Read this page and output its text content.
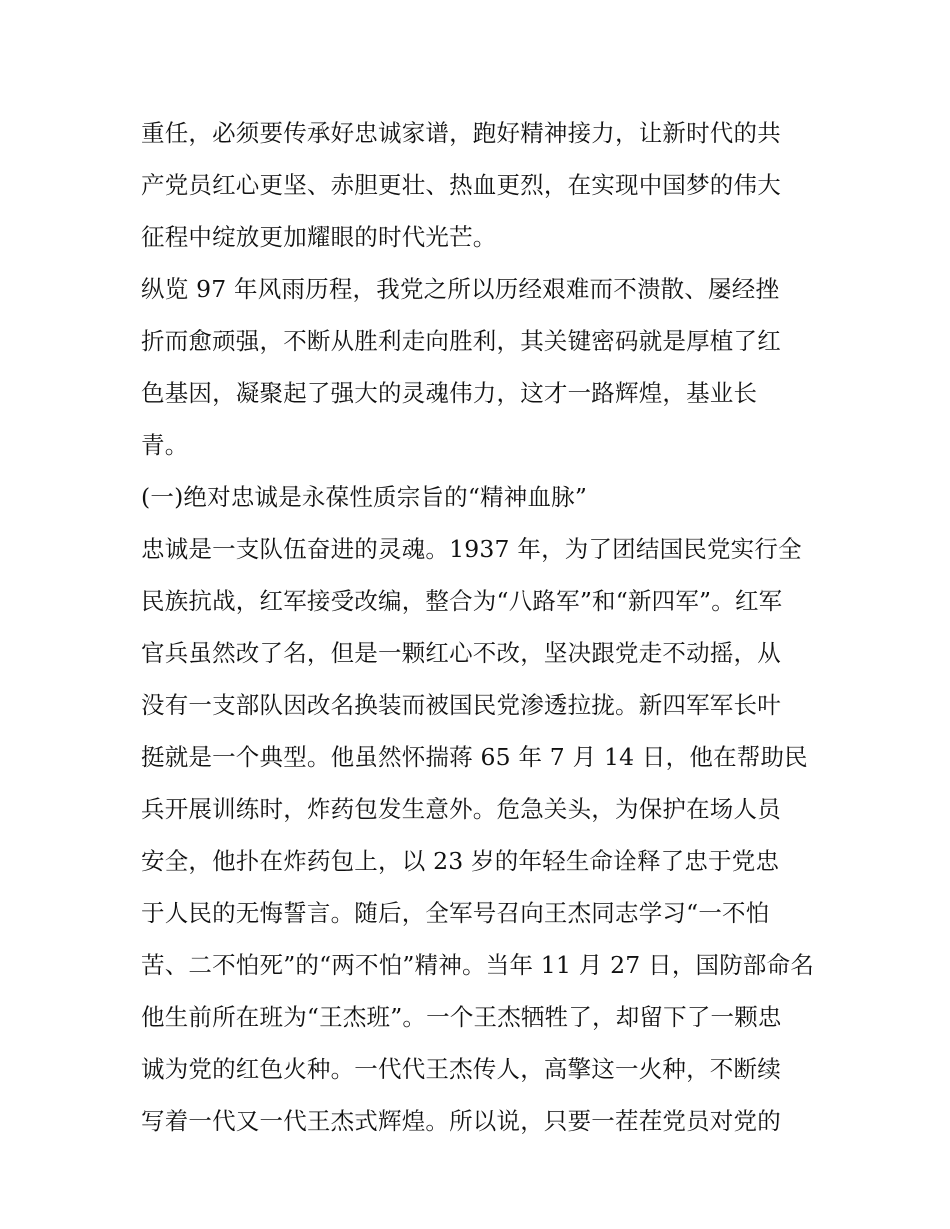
重任，必须要传承好忠诚家谱，跑好精神接力，让新时代的共
产党员红心更坚、赤胆更壮、热血更烈，在实现中国梦的伟大
征程中绽放更加耀眼的时代光芒。
纵览 97 年风雨历程，我党之所以历经艰难而不溃散、屡经挫
折而愈顽强，不断从胜利走向胜利，其关键密码就是厚植了红
色基因，凝聚起了强大的灵魂伟力，这才一路辉煌，基业长
青。
(一)绝对忠诚是永葆性质宗旨的“精神血脉”
忠诚是一支队伍奋进的灵魂。1937 年，为了团结国民党实行全
民族抗战，红军接受改编，整合为“八路军”和“新四军”。红军
官兵虽然改了名，但是一颗红心不改，坚决跟党走不动摇，从
没有一支部队因改名换装而被国民党渗透拉拢。新四军军长叶
挺就是一个典型。他虽然怀揣蒋 65 年 7 月 14 日，他在帮助民
兵开展训练时，炸药包发生意外。危急关头，为保护在场人员
安全，他扑在炸药包上，以 23 岁的年轻生命诠释了忠于党忠
于人民的无悔誓言。随后，全军号召向王杰同志学习“一不怕
苦、二不怕死”的“两不怕”精神。当年 11 月 27 日，国防部命名
他生前所在班为“王杰班”。一个王杰牺牲了，却留下了一颗忠
诚为党的红色火种。一代代王杰传人，高擎这一火种，不断续
写着一代又一代王杰式辉煌。所以说，只要一茬茬党员对党的
